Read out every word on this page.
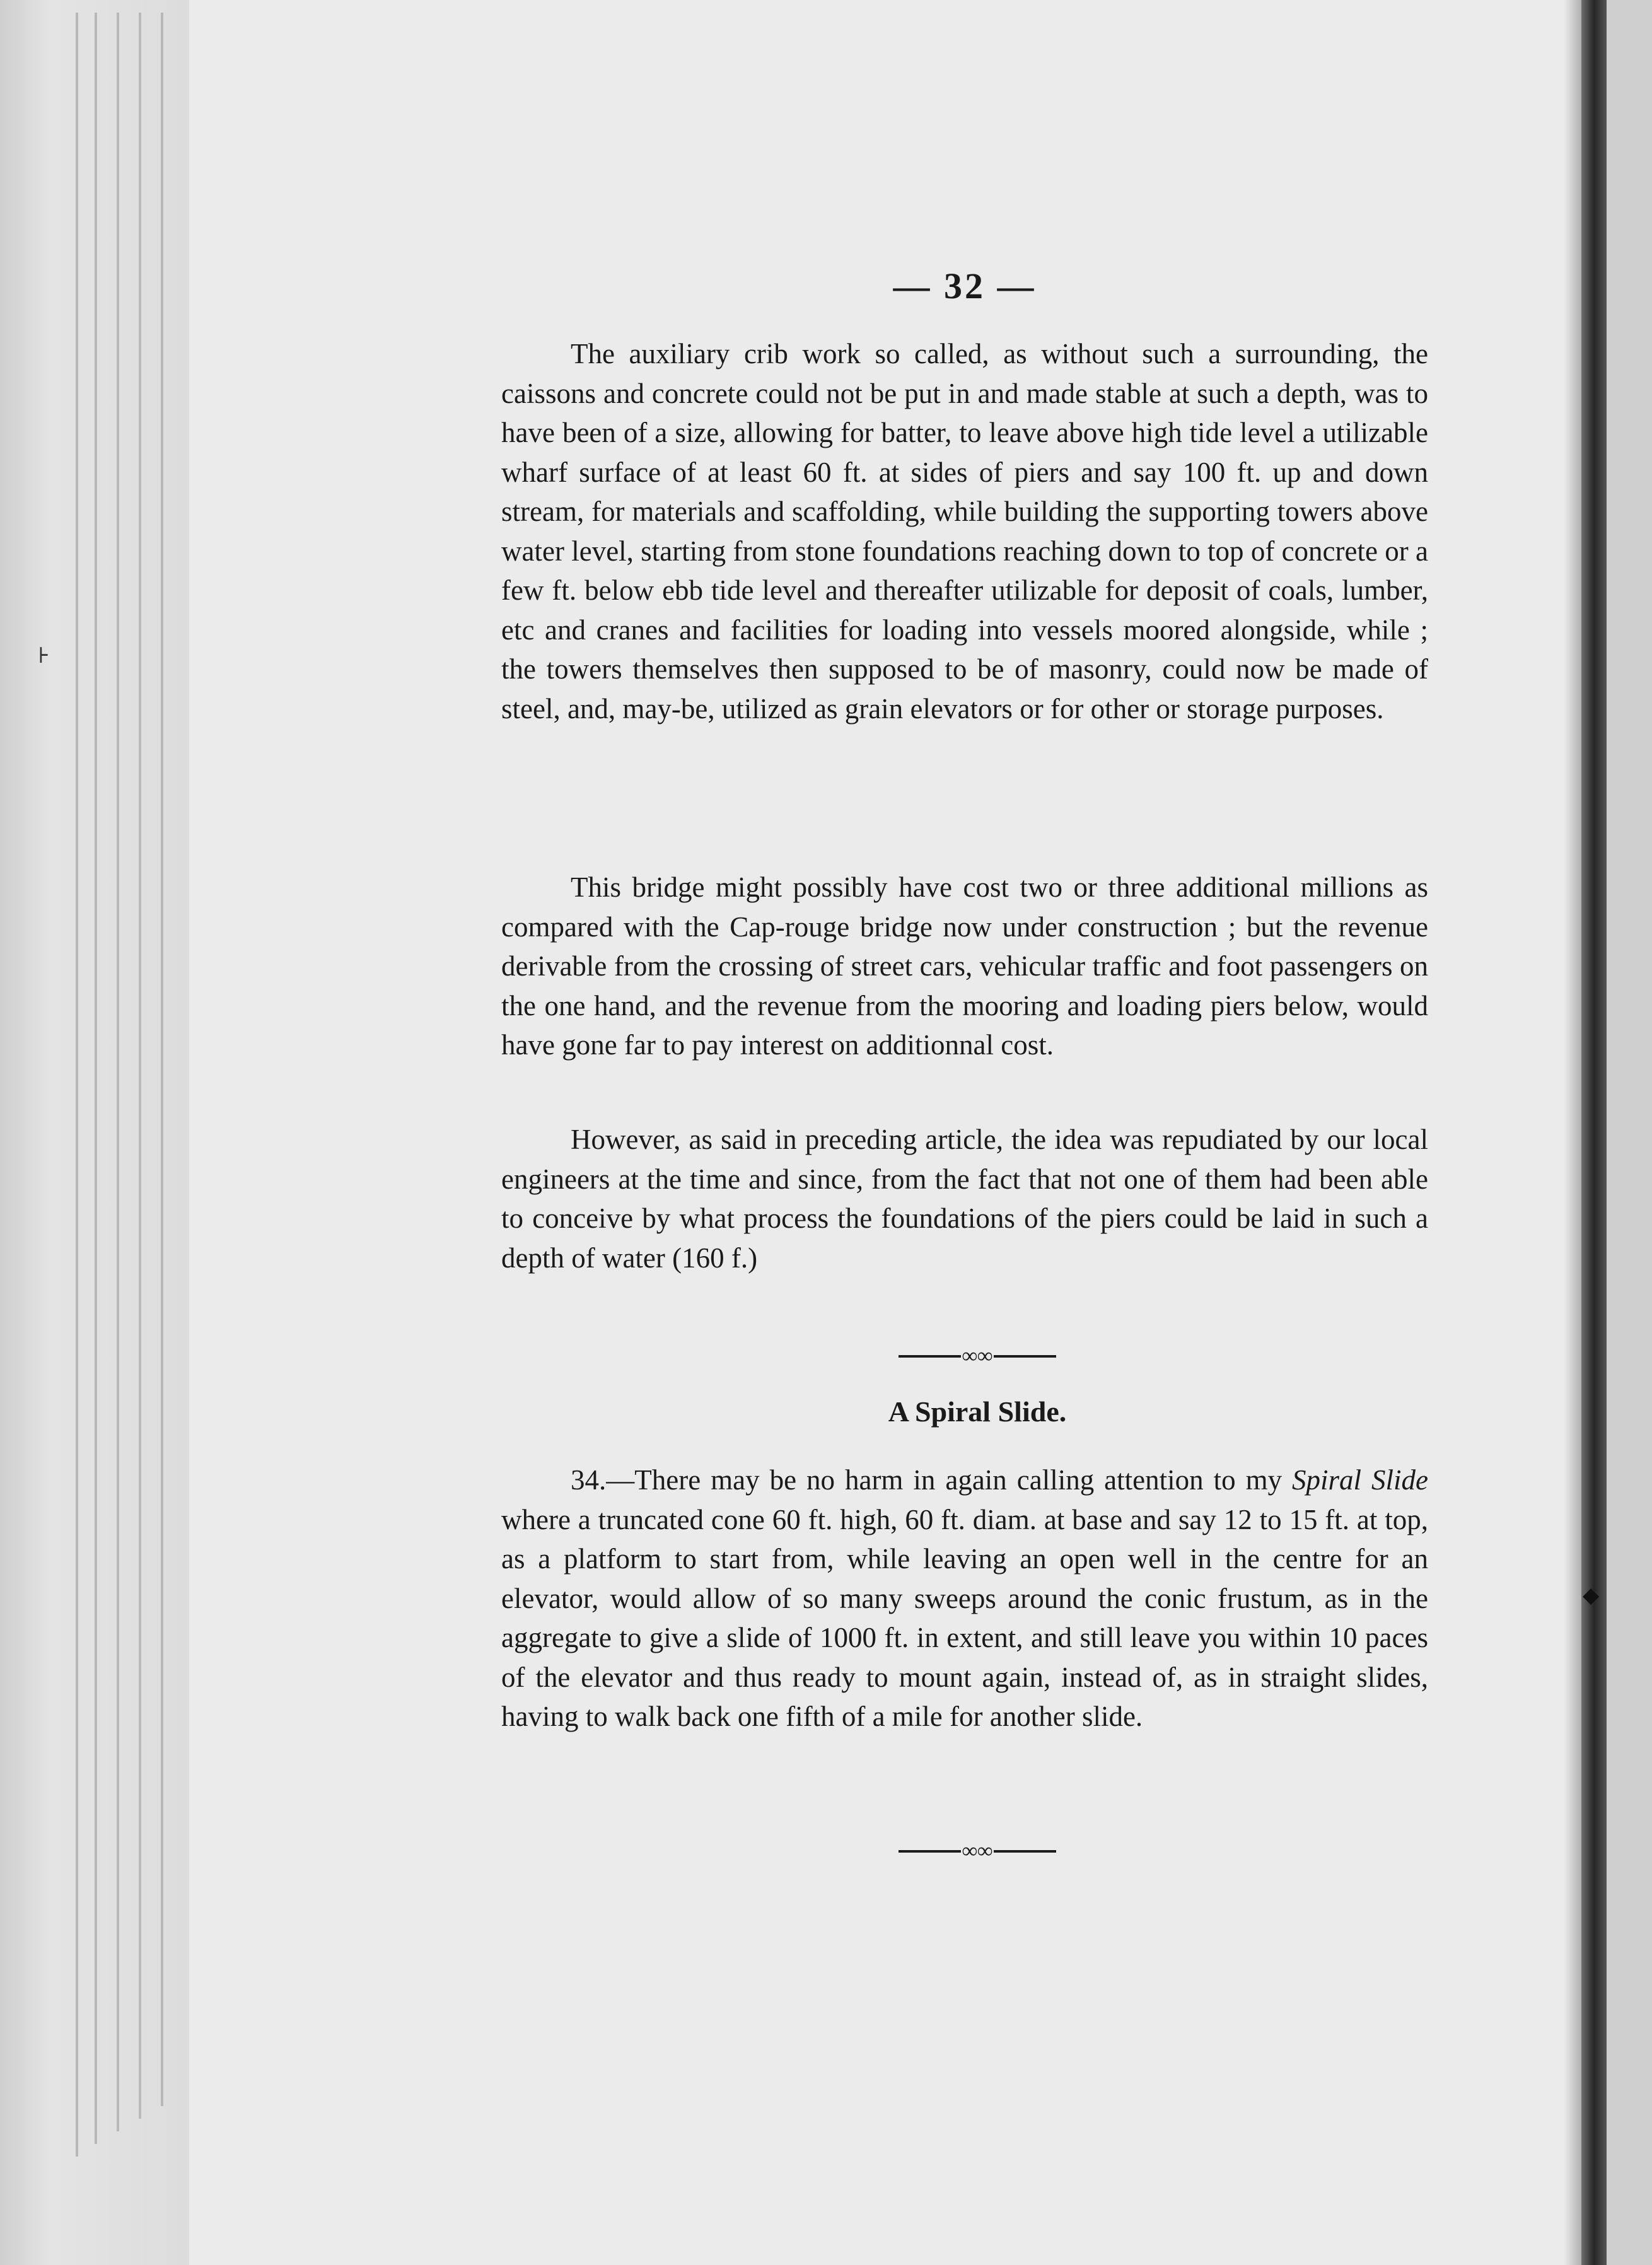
⊦
◆
— 32 —

The auxiliary crib work so called, as without such a surrounding, the caissons and concrete could not be put in and made stable at such a depth, was to have been of a size, allowing for batter, to leave above high tide level a utilizable wharf surface of at least 60 ft. at sides of piers and say 100 ft. up and down stream, for materials and scaffolding, while building the supporting towers above water level, starting from stone foundations reaching down to top of concrete or a few ft. below ebb tide level and thereafter utilizable for deposit of coals, lumber, etc and cranes and facilities for loading into vessels moored alongside, while ; the towers themselves then supposed to be of masonry, could now be made of steel, and, may-be, utilized as grain elevators or for other or storage purposes.

This bridge might possibly have cost two or three additional millions as compared with the Cap-rouge bridge now under construction ; but the revenue derivable from the crossing of street cars, vehicular traffic and foot passengers on the one hand, and the revenue from the mooring and loading piers below, would have gone far to pay interest on additionnal cost.

However, as said in preceding article, the idea was repudiated by our local engineers at the time and since, from the fact that not one of them had been able to conceive by what process the foundations of the piers could be laid in such a depth of water (160 f.)

∞∞
A Spiral Slide.

34.—There may be no harm in again calling attention to my Spiral Slide where a truncated cone 60 ft. high, 60 ft. diam. at base and say 12 to 15 ft. at top, as a platform to start from, while leaving an open well in the centre for an elevator, would allow of so many sweeps around the conic frustum, as in the aggregate to give a slide of 1000 ft. in extent, and still leave you within 10 paces of the elevator and thus ready to mount again, instead of, as in straight slides, having to walk back one fifth of a mile for another slide.

∞∞
